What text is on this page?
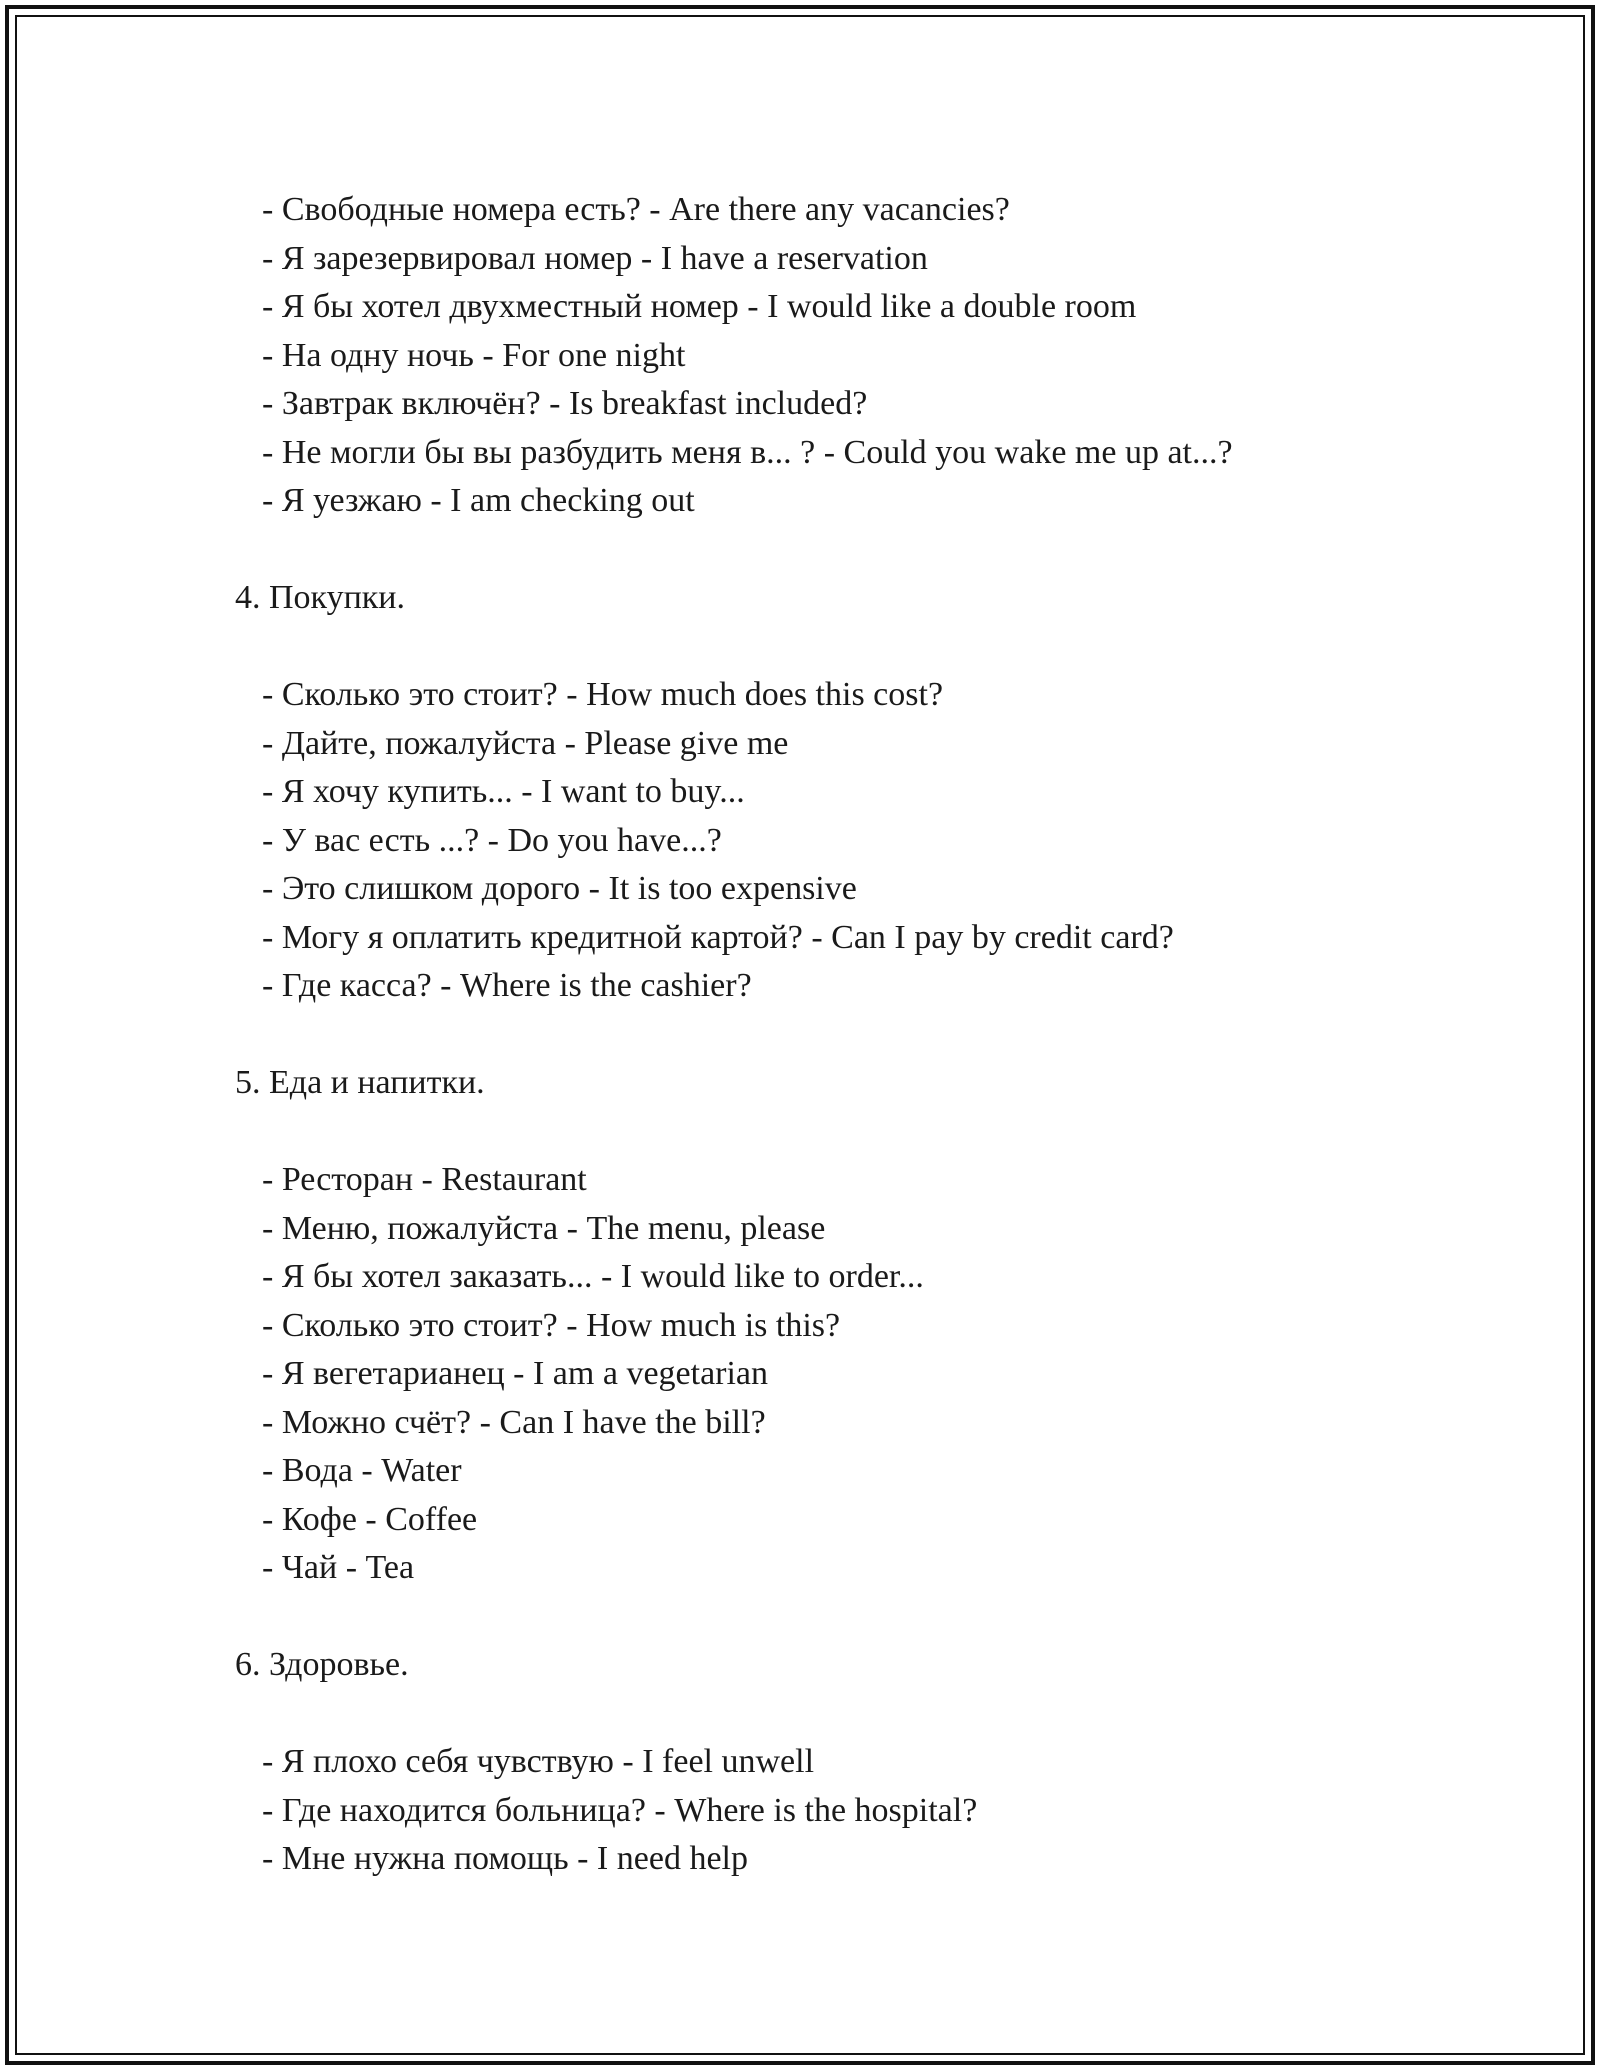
- Свободные номера есть? - Are there any vacancies?
- Я зарезервировал номер - I have a reservation
- Я бы хотел двухместный номер - I would like a double room
- На одну ночь - For one night
- Завтрак включён? - Is breakfast included?
- Не могли бы вы разбудить меня в... ? - Could you wake me up at...?
- Я уезжаю - I am checking out
4. Покупки.
- Сколько это стоит? - How much does this cost?
- Дайте, пожалуйста - Please give me
- Я хочу купить... - I want to buy...
- У вас есть ...? - Do you have...?
- Это слишком дорого - It is too expensive
- Могу я оплатить кредитной картой? - Can I pay by credit card?
- Где касса? - Where is the cashier?
5. Еда и напитки.
- Ресторан - Restaurant
- Меню, пожалуйста - The menu, please
- Я бы хотел заказать... - I would like to order...
- Сколько это стоит? - How much is this?
- Я вегетарианец - I am a vegetarian
- Можно счёт? - Can I have the bill?
- Вода - Water
- Кофе - Coffee
- Чай - Tea
6. Здоровье.
- Я плохо себя чувствую - I feel unwell
- Где находится больница? - Where is the hospital?
- Мне нужна помощь - I need help
